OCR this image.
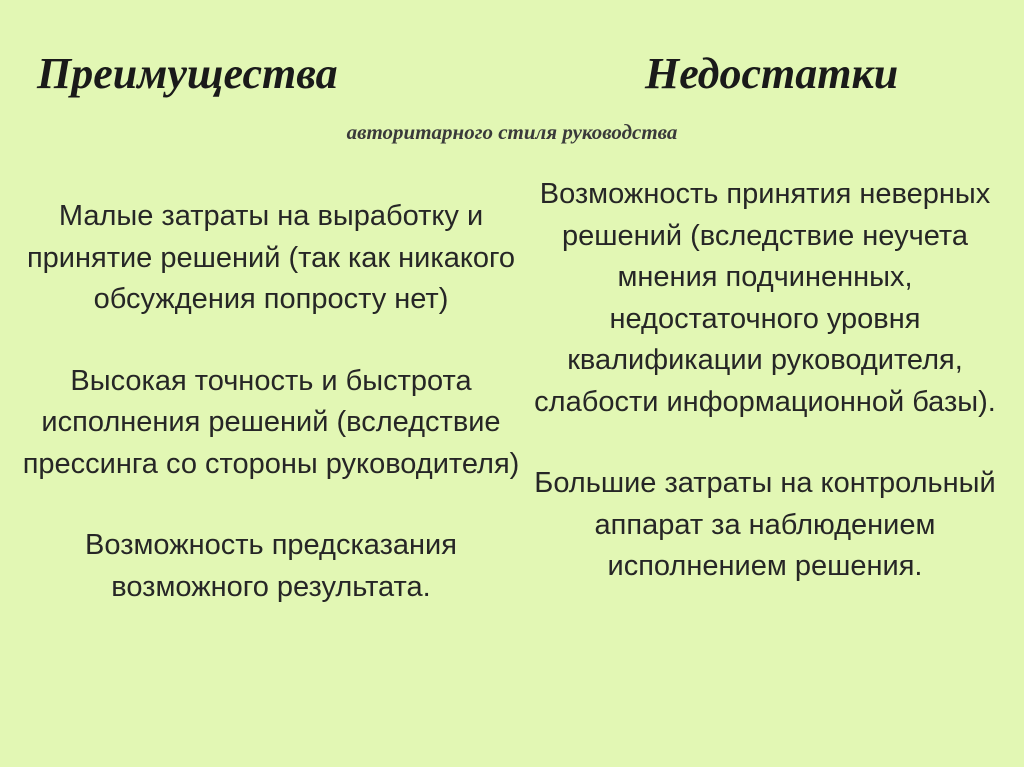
Преимущества	Недостатки

авторитарного стиля руководства

Малые затраты на выработку и принятие решений (так как никакого обсуждения попросту нет)

Высокая точность и быстрота исполнения решений (вследствие прессинга со стороны руководителя)

Возможность предсказания возможного результата.

Возможность принятия неверных решений (вследствие неучета мнения подчиненных, недостаточного уровня квалификации руководителя, слабости информационной базы).

Большие затраты на контрольный аппарат за наблюдением исполнением решения.
